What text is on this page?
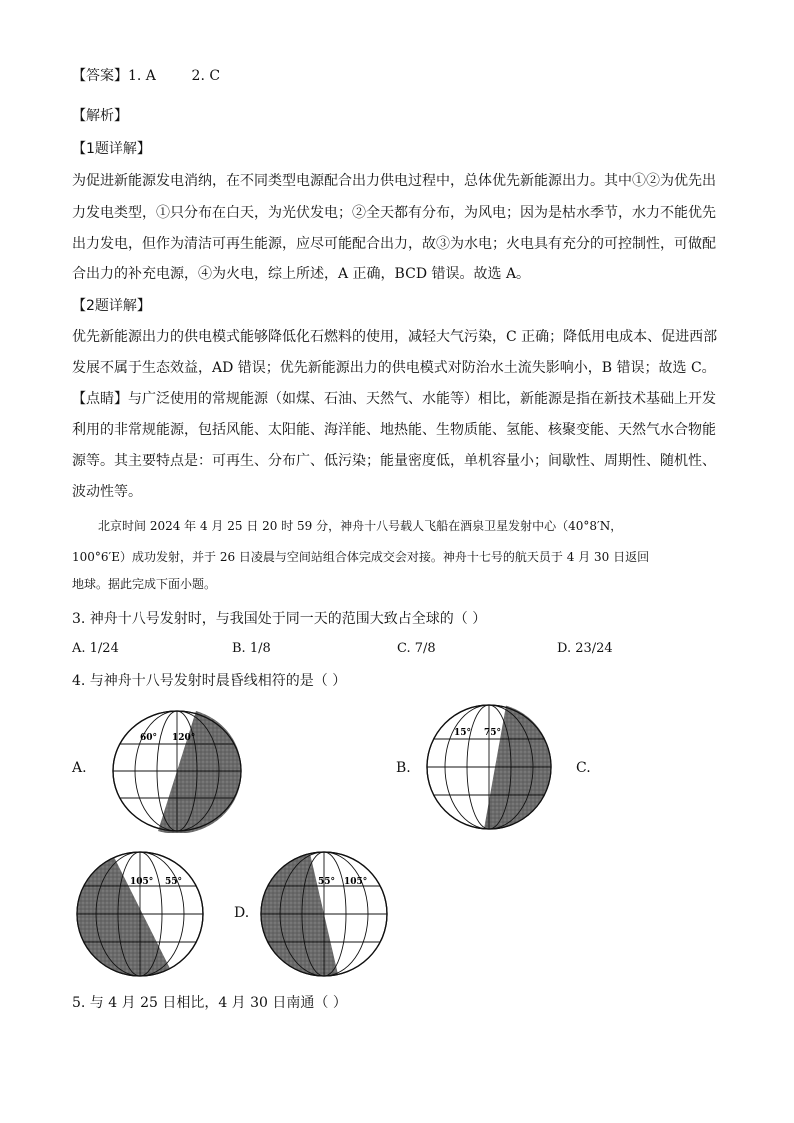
【答案】1. A	2. C
【解析】
【1题详解】
为促进新能源发电消纳，在不同类型电源配合出力供电过程中，总体优先新能源出力。其中①②为优先出
力发电类型，①只分布在白天，为光伏发电；②全天都有分布，为风电；因为是枯水季节，水力不能优先
出力发电，但作为清洁可再生能源，应尽可能配合出力，故③为水电；火电具有充分的可控制性，可做配
合出力的补充电源，④为火电，综上所述，A 正确，BCD 错误。故选 A。
【2题详解】
优先新能源出力的供电模式能够降低化石燃料的使用，减轻大气污染，C 正确；降低用电成本、促进西部
发展不属于生态效益，AD 错误；优先新能源出力的供电模式对防治水土流失影响小，B 错误；故选 C。
【点睛】与广泛使用的常规能源（如煤、石油、天然气、水能等）相比，新能源是指在新技术基础上开发
利用的非常规能源，包括风能、太阳能、海洋能、地热能、生物质能、氢能、核聚变能、天然气水合物能
源等。其主要特点是：可再生、分布广、低污染；能量密度低，单机容量小；间歇性、周期性、随机性、
波动性等。
北京时间 2024 年 4 月 25 日 20 时 59 分，神舟十八号载人飞船在酒泉卫星发射中心（40°8′N，
100°6′E）成功发射，并于 26 日凌晨与空间站组合体完成交会对接。神舟十七号的航天员于 4 月 30 日返回
地球。据此完成下面小题。
3. 神舟十八号发射时，与我国处于同一天的范围大致占全球的（ ）
A. 1/24	B. 1/8	C. 7/8	D. 23/24
4. 与神舟十八号发射时晨昏线相符的是（ ）
A.	B.	C.
D.
60° 120°	15° 75°
105° 55°	55° 105°
5. 与 4 月 25 日相比，4 月 30 日南通（ ）
